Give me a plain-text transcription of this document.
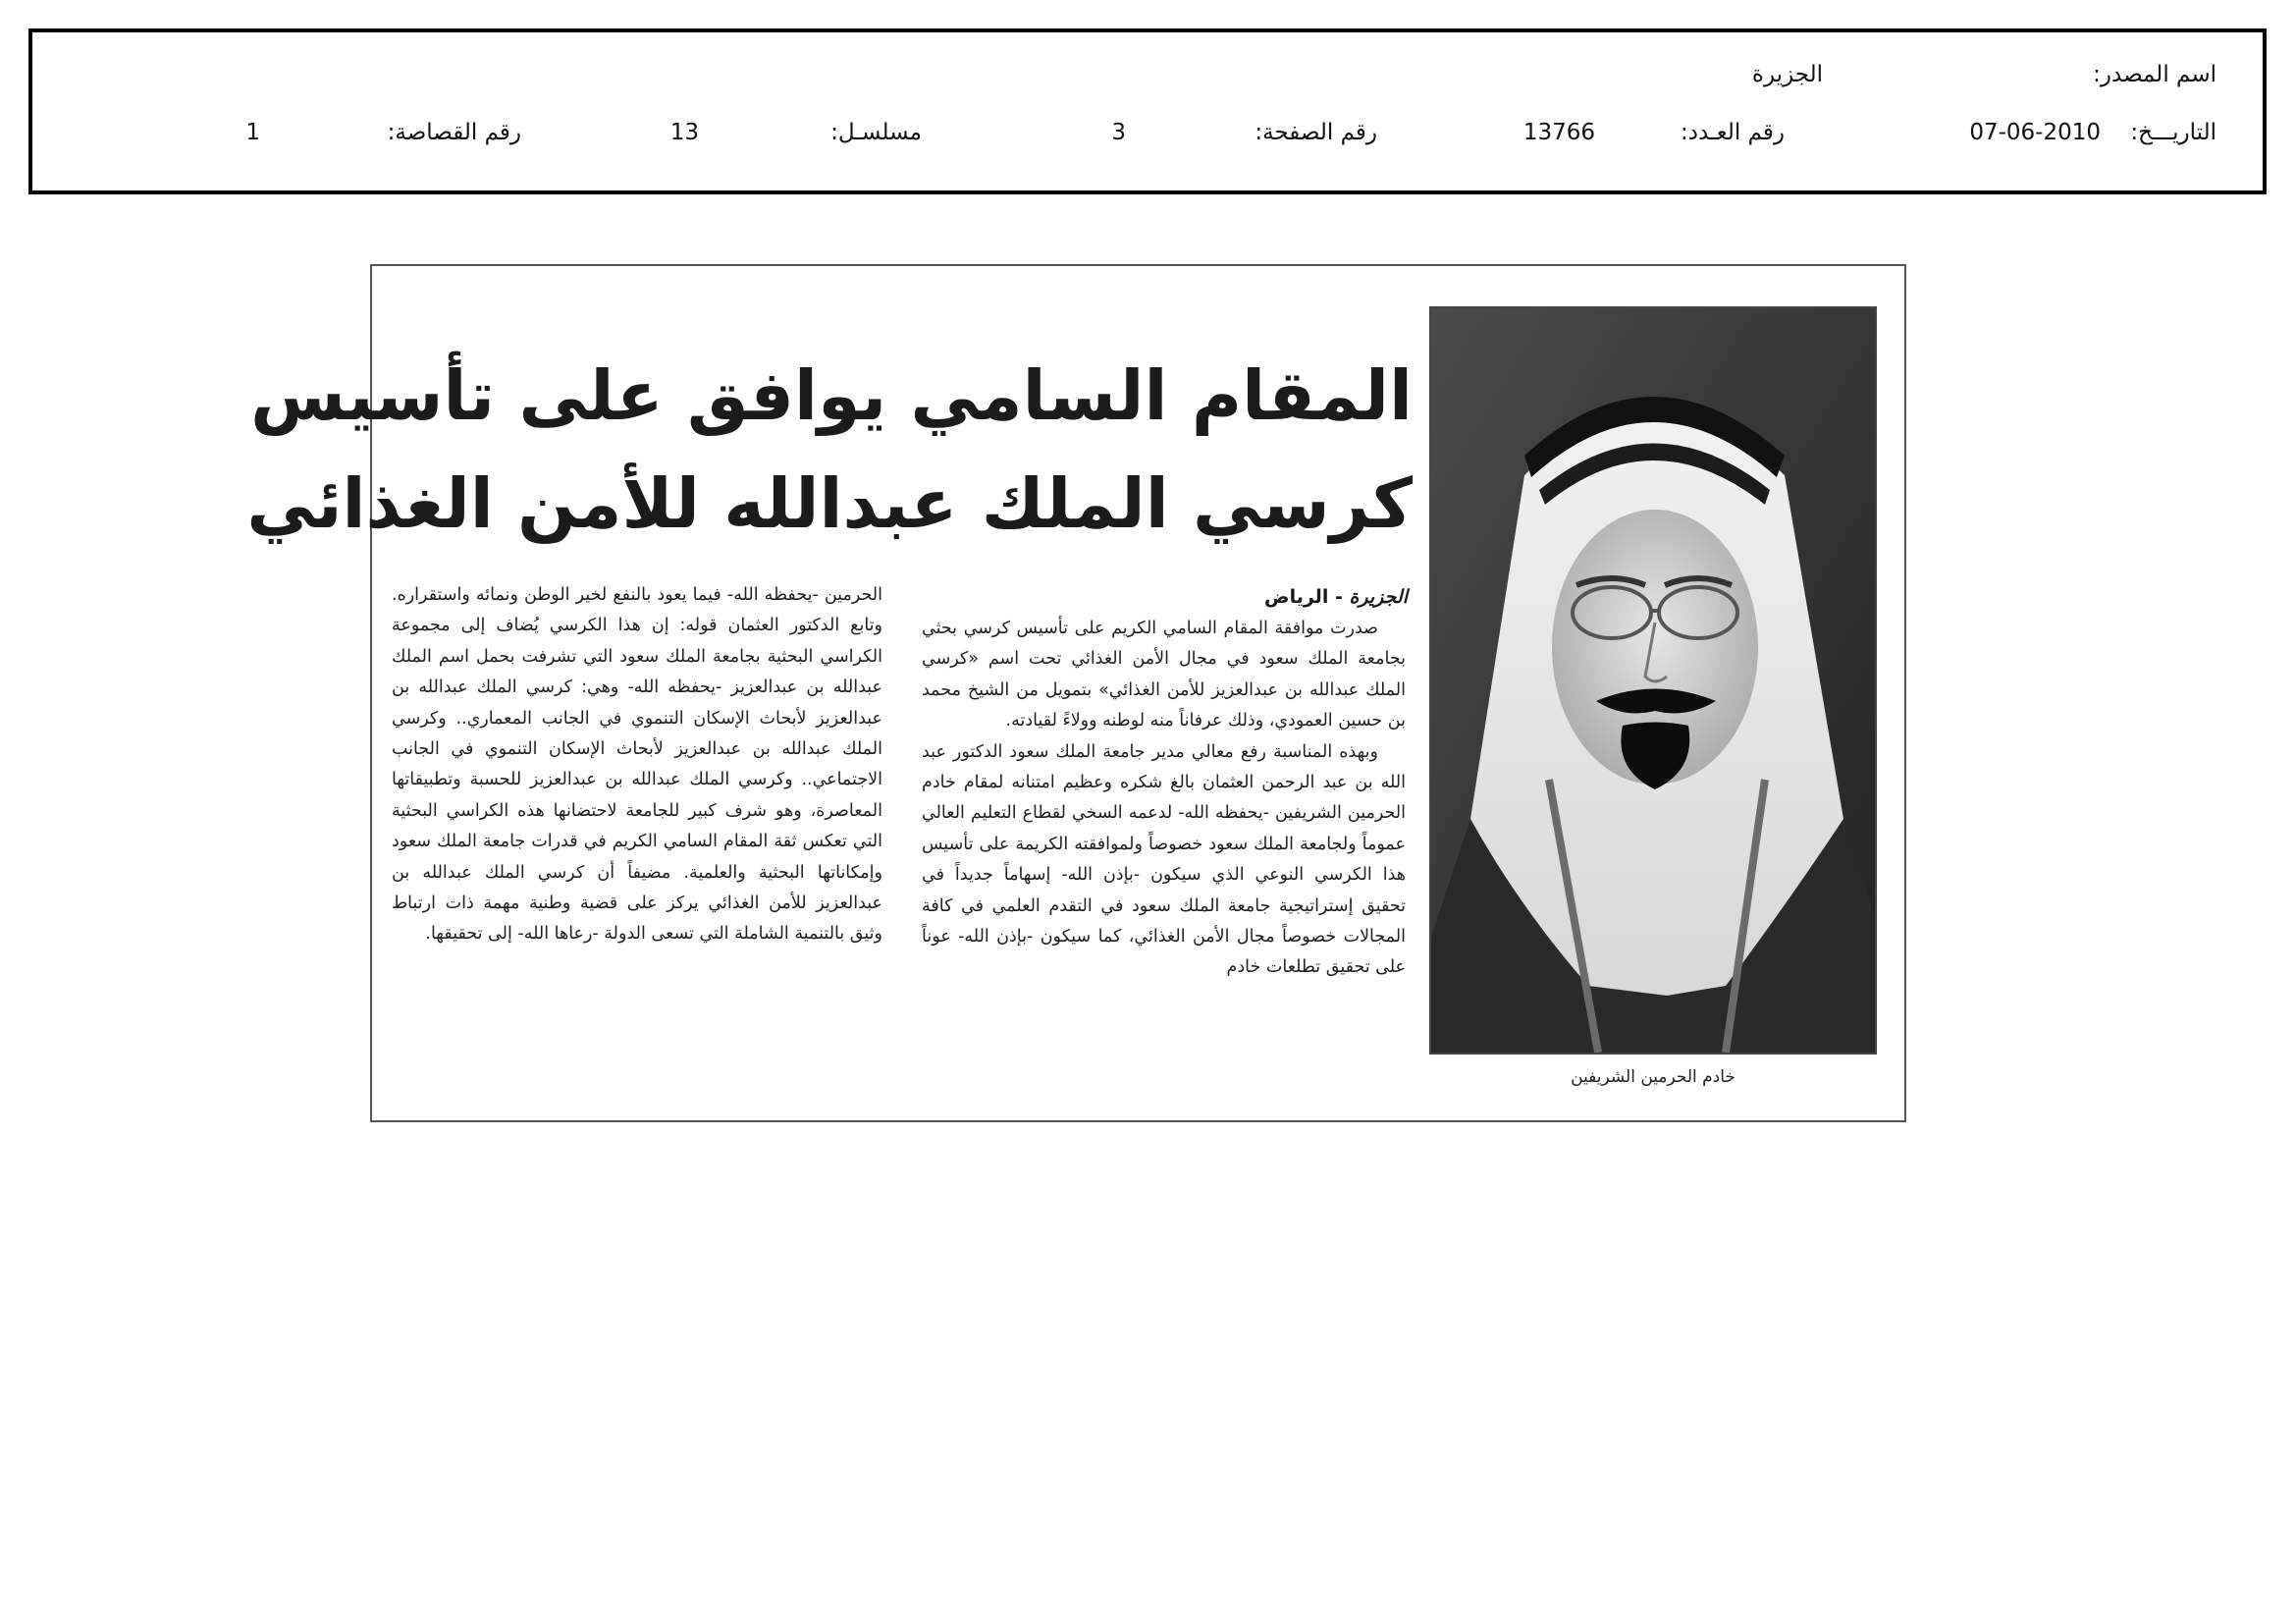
اسم المصدر:
الجزيرة
التاريـــخ:
07-06-2010
رقم العـدد:
13766
رقم الصفحة:
3
مسلسـل:
13
رقم القصاصة:
1
المقام السامي يوافق على تأسيس
كرسي الملك عبدالله للأمن الغذائي
خادم الحرمين الشريفين
الجزيرة - الرياض

صدرت موافقة المقام السامي الكريم على تأسيس كرسي بحثي بجامعة الملك سعود في مجال الأمن الغذائي تحت اسم «كرسي الملك عبدالله بن عبدالعزيز للأمن الغذائي» بتمويل من الشيخ محمد بن حسين العمودي، وذلك عرفاناً منه لوطنه وولاءً لقيادته.

وبهذه المناسبة رفع معالي مدير جامعة الملك سعود الدكتور عبد الله بن عبد الرحمن العثمان بالغ شكره وعظيم امتنانه لمقام خادم الحرمين الشريفين -يحفظه الله- لدعمه السخي لقطاع التعليم العالي عموماً ولجامعة الملك سعود خصوصاً ولموافقته الكريمة على تأسيس هذا الكرسي النوعي الذي سيكون -بإذن الله- إسهاماً جديداً في تحقيق إستراتيجية جامعة الملك سعود في التقدم العلمي في كافة المجالات خصوصاً مجال الأمن الغذائي، كما سيكون -بإذن الله- عوناً على تحقيق تطلعات خادم

الحرمين -يحفظه الله- فيما يعود بالنفع لخير الوطن ونمائه واستقراره. وتابع الدكتور العثمان قوله: إن هذا الكرسي يُضاف إلى مجموعة الكراسي البحثية بجامعة الملك سعود التي تشرفت بحمل اسم الملك عبدالله بن عبدالعزيز -يحفظه الله- وهي: كرسي الملك عبدالله بن عبدالعزيز لأبحاث الإسكان التنموي في الجانب المعماري.. وكرسي الملك عبدالله بن عبدالعزيز لأبحاث الإسكان التنموي في الجانب الاجتماعي.. وكرسي الملك عبدالله بن عبدالعزيز للحسبة وتطبيقاتها المعاصرة، وهو شرف كبير للجامعة لاحتضانها هذه الكراسي البحثية التي تعكس ثقة المقام السامي الكريم في قدرات جامعة الملك سعود وإمكاناتها البحثية والعلمية. مضيفاً أن كرسي الملك عبدالله بن عبدالعزيز للأمن الغذائي يركز على قضية وطنية مهمة ذات ارتباط وثيق بالتنمية الشاملة التي تسعى الدولة -رعاها الله- إلى تحقيقها.
